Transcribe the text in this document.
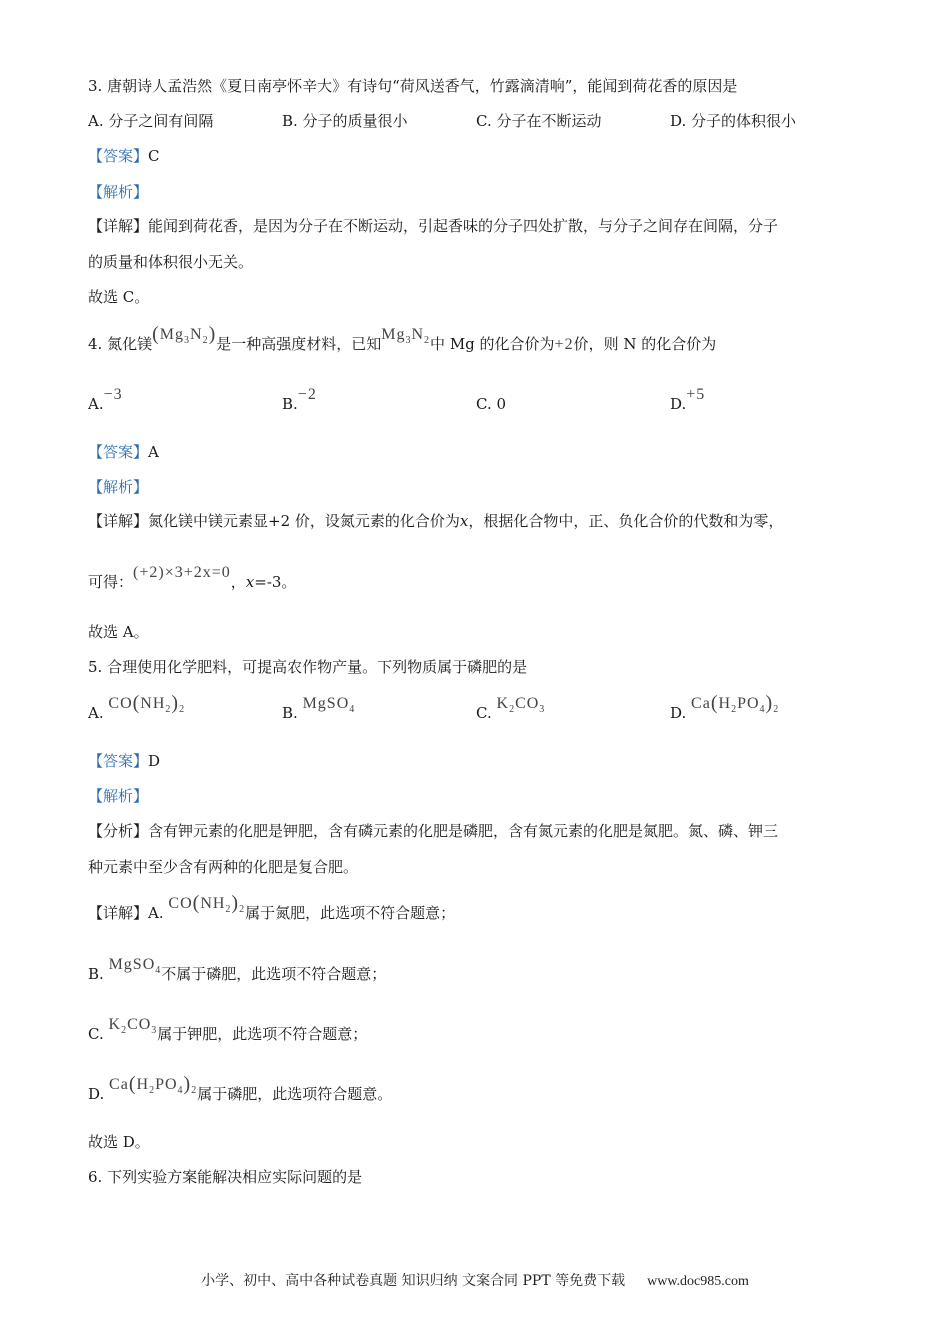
3. 唐朝诗人孟浩然《夏日南亭怀辛大》有诗句“荷风送香气，竹露滴清响”，能闻到荷花香的原因是
A. 分子之间有间隔	B. 分子的质量很小	C. 分子在不断运动	D. 分子的体积很小
【答案】C
【解析】
【详解】能闻到荷花香，是因为分子在不断运动，引起香味的分子四处扩散，与分子之间存在间隔，分子
的质量和体积很小无关。
故选 C。
4. 氮化镁$(Mg_3N_2)$是一种高强度材料，已知$Mg_3N_2$中 Mg 的化合价为+2价，则 N 的化合价为
A.−3
B.−2
C. 0	D.+5
【答案】A
【解析】
【详解】氮化镁中镁元素显+2 价，设氮元素的化合价为x，根据化合物中，正、负化合价的代数和为零，
可得：(+2)×3+2x=0，x=-3。
故选 A。
5. 合理使用化学肥料，可提高农作物产量。下列物质属于磷肥的是
A. $CO(NH_2)_2$	B. MgSO$_4$	C. $K_2CO_3$	D. $Ca(H_2PO_4)_2$
【答案】D
【解析】
【分析】含有钾元素的化肥是钾肥，含有磷元素的化肥是磷肥，含有氮元素的化肥是氮肥。氮、磷、钾三
种元素中至少含有两种的化肥是复合肥。
【详解】A. $CO(NH_2)_2$属于氮肥，此选项不符合题意；
B. MgSO$_4$不属于磷肥，此选项不符合题意；
C. $K_2CO_3$属于钾肥，此选项不符合题意；
D. $Ca(H_2PO_4)_2$属于磷肥，此选项符合题意。
故选 D。
6. 下列实验方案能解决相应实际问题的是
小学、初中、高中各种试卷真题 知识归纳 文案合同 PPT 等免费下载 www.doc985.com
